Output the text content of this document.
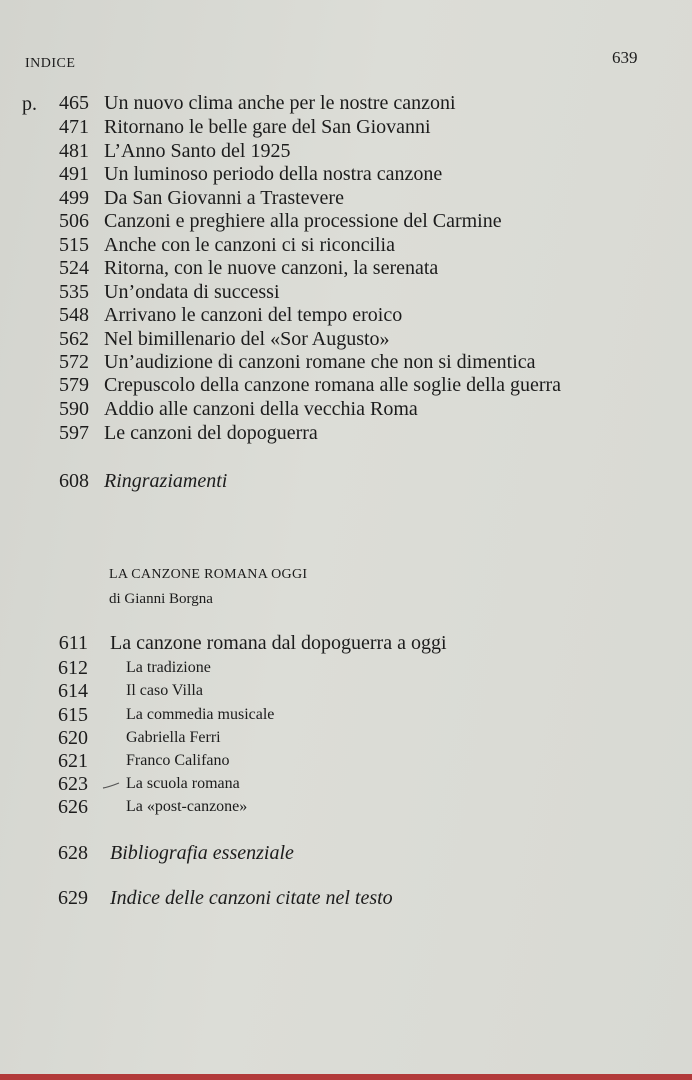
INDICE	639
p.	465 Un nuovo clima anche per le nostre canzoni
471 Ritornano le belle gare del San Giovanni
481 L’Anno Santo del 1925
491 Un luminoso periodo della nostra canzone
499 Da San Giovanni a Trastevere
506 Canzoni e preghiere alla processione del Carmine
515 Anche con le canzoni ci si riconcilia
524 Ritorna, con le nuove canzoni, la serenata
535 Un’ondata di successi
548 Arrivano le canzoni del tempo eroico
562 Nel bimillenario del «Sor Augusto»
572 Un’audizione di canzoni romane che non si dimentica
579 Crepuscolo della canzone romana alle soglie della guerra
590 Addio alle canzoni della vecchia Roma
597 Le canzoni del dopoguerra
608 Ringraziamenti
LA CANZONE ROMANA OGGI
di Gianni Borgna
611 La canzone romana dal dopoguerra a oggi
612 La tradizione
614 Il caso Villa
615 La commedia musicale
620 Gabriella Ferri
621 Franco Califano
623 La scuola romana
626 La «post-canzone»
628 Bibliografia essenziale
629 Indice delle canzoni citate nel testo
